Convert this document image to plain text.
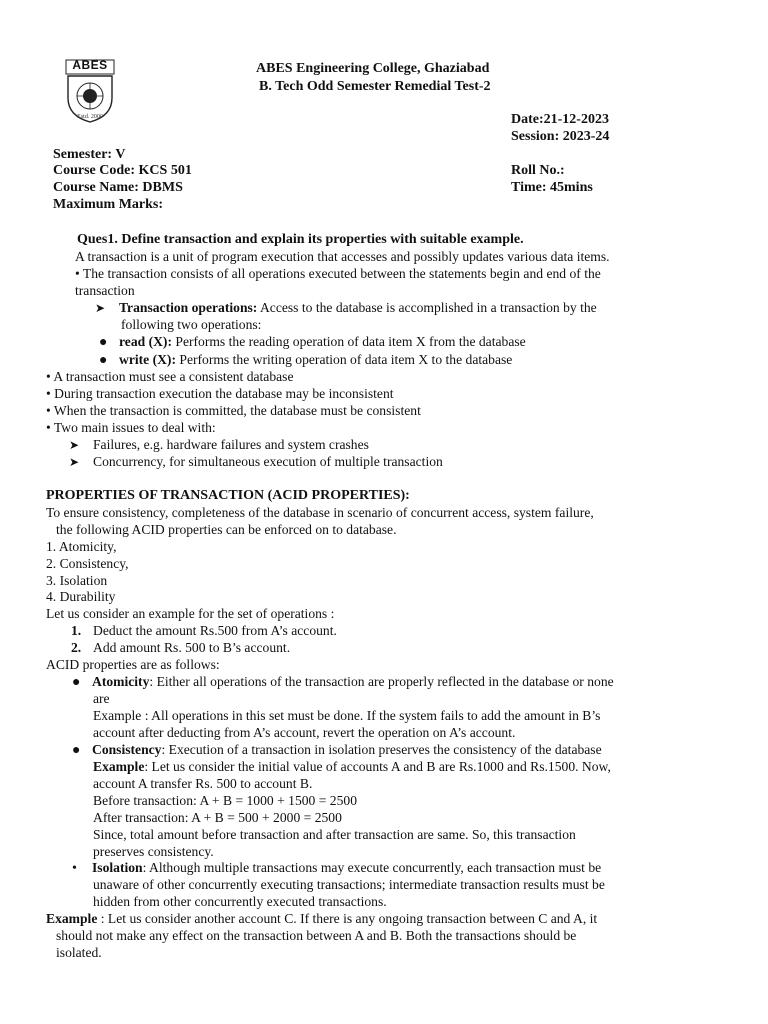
ABES
Estd. 2000
ABES Engineering College, Ghaziabad
B. Tech Odd Semester Remedial Test-2
Date:21-12-2023
Session: 2023-24
Semester: V
Course Code: KCS 501	Roll No.:
Course Name: DBMS	Time: 45mins
Maximum Marks:
Ques1. Define transaction and explain its properties with suitable example.
A transaction is a unit of program execution that accesses and possibly updates various data items.
• The transaction consists of all operations executed between the statements begin and end of the
transaction
➤ Transaction operations: Access to the database is accomplished in a transaction by the
following two operations:
● read (X): Performs the reading operation of data item X from the database
● write (X): Performs the writing operation of data item X to the database
• A transaction must see a consistent database
• During transaction execution the database may be inconsistent
• When the transaction is committed, the database must be consistent
• Two main issues to deal with:
➤ Failures, e.g. hardware failures and system crashes
➤ Concurrency, for simultaneous execution of multiple transaction
PROPERTIES OF TRANSACTION (ACID PROPERTIES):
To ensure consistency, completeness of the database in scenario of concurrent access, system failure,
the following ACID properties can be enforced on to database.
1. Atomicity,
2. Consistency,
3. Isolation
4. Durability
Let us consider an example for the set of operations :
1. Deduct the amount Rs.500 from A’s account.
2. Add amount Rs. 500 to B’s account.
ACID properties are as follows:
● Atomicity: Either all operations of the transaction are properly reflected in the database or none
are
Example : All operations in this set must be done. If the system fails to add the amount in B’s
account after deducting from A’s account, revert the operation on A’s account.
● Consistency: Execution of a transaction in isolation preserves the consistency of the database
Example: Let us consider the initial value of accounts A and B are Rs.1000 and Rs.1500. Now,
account A transfer Rs. 500 to account B.
Before transaction: A + B = 1000 + 1500 = 2500
After transaction: A + B = 500 + 2000 = 2500
Since, total amount before transaction and after transaction are same. So, this transaction
preserves consistency.
• Isolation: Although multiple transactions may execute concurrently, each transaction must be
unaware of other concurrently executing transactions; intermediate transaction results must be
hidden from other concurrently executed transactions.
Example : Let us consider another account C. If there is any ongoing transaction between C and A, it
should not make any effect on the transaction between A and B. Both the transactions should be
isolated.
